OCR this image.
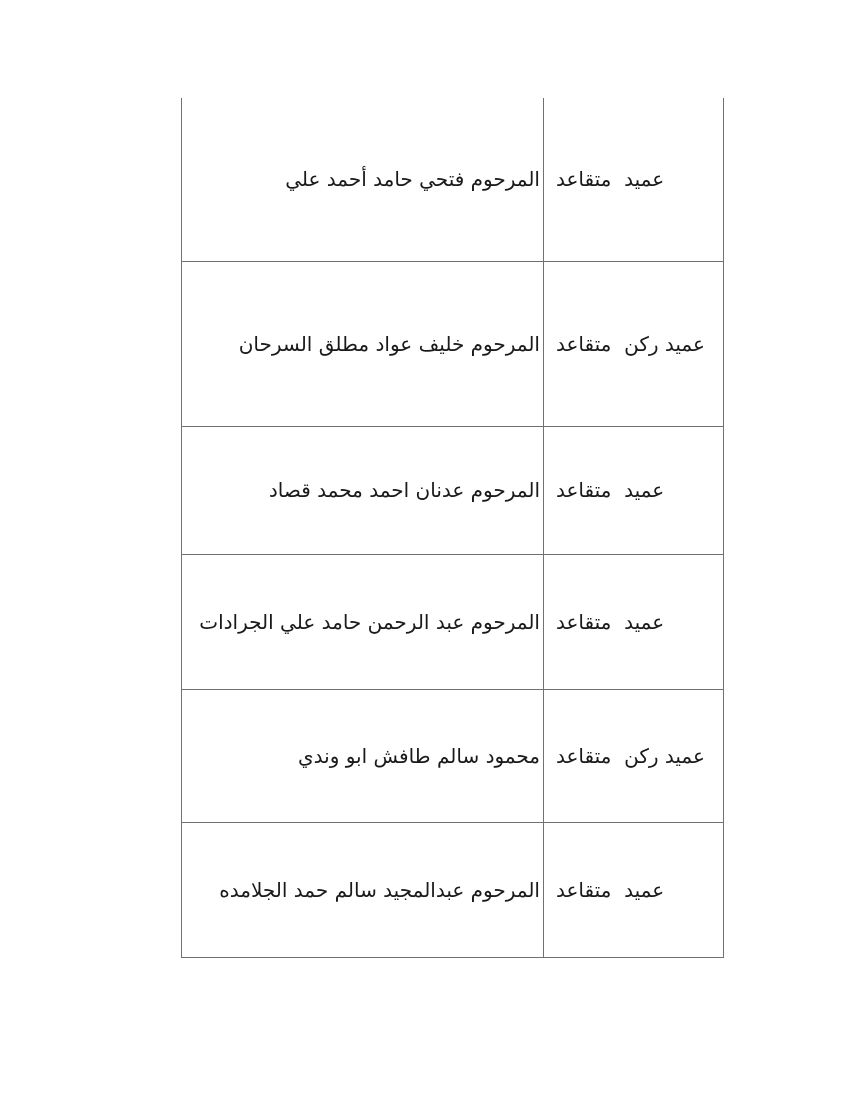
المرحوم فتحي حامد أحمد علي عميد  متقاعد
المرحوم خليف عواد مطلق السرحان عميد ركن  متقاعد
المرحوم عدنان احمد محمد قصاد عميد  متقاعد
المرحوم عبد الرحمن حامد علي الجرادات عميد  متقاعد
محمود سالم طافش ابو وندي عميد ركن  متقاعد
المرحوم عبدالمجيد سالم حمد الجلامده عميد  متقاعد
